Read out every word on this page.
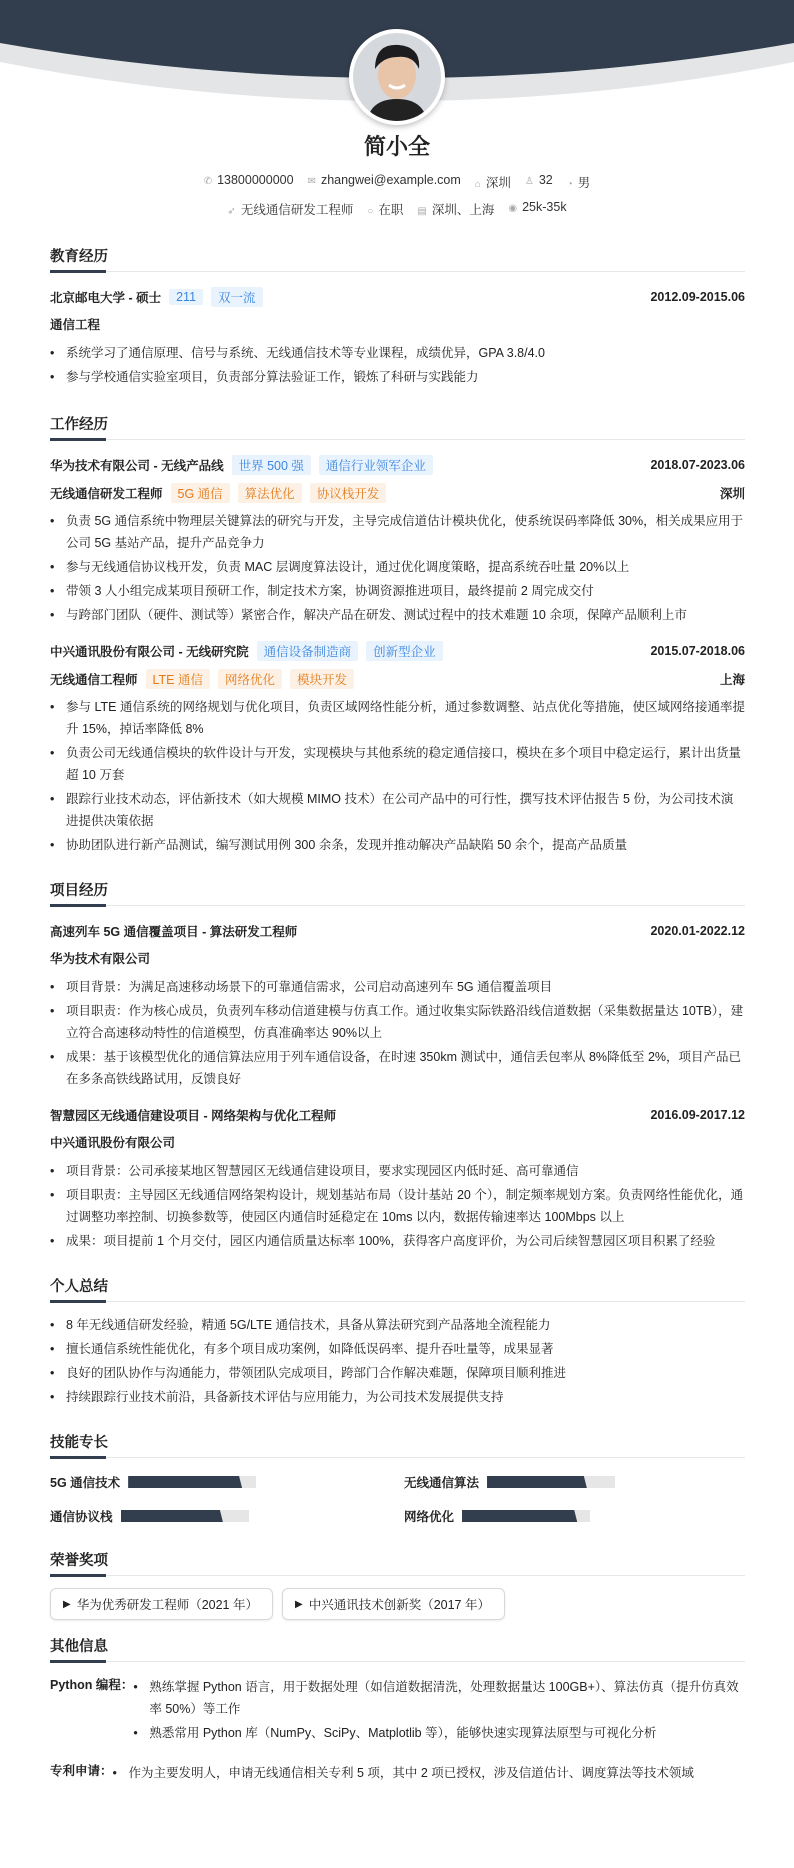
简小全
✆ 13800000000 ✉ zhangwei@example.com ⌂ 深圳 ♙ 32 ◔ 男
➶ 无线通信研发工程师 ○ 在职 ▤ 深圳、上海 ◉ 25k-35k
教育经历
北京邮电大学 - 硕士	211	双一流	2012.09-2015.06
通信工程
• 系统学习了通信原理、信号与系统、无线通信技术等专业课程，成绩优异，GPA 3.8/4.0
• 参与学校通信实验室项目，负责部分算法验证工作，锻炼了科研与实践能力
工作经历
华为技术有限公司 - 无线产品线	世界 500 强	通信行业领军企业	2018.07-2023.06
无线通信研发工程师	5G 通信	算法优化	协议栈开发	深圳
• 负责 5G 通信系统中物理层关键算法的研究与开发，主导完成信道估计模块优化，使系统误码率降低 30%，相关成果应用于公司 5G 基站产品，提升产品竞争力
• 参与无线通信协议栈开发，负责 MAC 层调度算法设计，通过优化调度策略，提高系统吞吐量 20%以上
• 带领 3 人小组完成某项目预研工作，制定技术方案，协调资源推进项目，最终提前 2 周完成交付
• 与跨部门团队（硬件、测试等）紧密合作，解决产品在研发、测试过程中的技术难题 10 余项，保障产品顺利上市
中兴通讯股份有限公司 - 无线研究院	通信设备制造商	创新型企业	2015.07-2018.06
无线通信工程师	LTE 通信	网络优化	模块开发	上海
• 参与 LTE 通信系统的网络规划与优化项目，负责区域网络性能分析，通过参数调整、站点优化等措施，使区域网络接通率提升 15%，掉话率降低 8%
• 负责公司无线通信模块的软件设计与开发，实现模块与其他系统的稳定通信接口，模块在多个项目中稳定运行，累计出货量超 10 万套
• 跟踪行业技术动态，评估新技术（如大规模 MIMO 技术）在公司产品中的可行性，撰写技术评估报告 5 份，为公司技术演进提供决策依据
• 协助团队进行新产品测试，编写测试用例 300 余条，发现并推动解决产品缺陷 50 余个，提高产品质量
项目经历
高速列车 5G 通信覆盖项目 - 算法研发工程师	2020.01-2022.12
华为技术有限公司
• 项目背景：为满足高速移动场景下的可靠通信需求，公司启动高速列车 5G 通信覆盖项目
• 项目职责：作为核心成员，负责列车移动信道建模与仿真工作。通过收集实际铁路沿线信道数据（采集数据量达 10TB），建立符合高速移动特性的信道模型，仿真准确率达 90%以上
• 成果：基于该模型优化的通信算法应用于列车通信设备，在时速 350km 测试中，通信丢包率从 8%降低至 2%，项目产品已在多条高铁线路试用，反馈良好
智慧园区无线通信建设项目 - 网络架构与优化工程师	2016.09-2017.12
中兴通讯股份有限公司
• 项目背景：公司承接某地区智慧园区无线通信建设项目，要求实现园区内低时延、高可靠通信
• 项目职责：主导园区无线通信网络架构设计，规划基站布局（设计基站 20 个），制定频率规划方案。负责网络性能优化，通过调整功率控制、切换参数等，使园区内通信时延稳定在 10ms 以内，数据传输速率达 100Mbps 以上
• 成果：项目提前 1 个月交付，园区内通信质量达标率 100%，获得客户高度评价，为公司后续智慧园区项目积累了经验
个人总结
• 8 年无线通信研发经验，精通 5G/LTE 通信技术，具备从算法研究到产品落地全流程能力
• 擅长通信系统性能优化，有多个项目成功案例，如降低误码率、提升吞吐量等，成果显著
• 良好的团队协作与沟通能力，带领团队完成项目，跨部门合作解决难题，保障项目顺利推进
• 持续跟踪行业技术前沿，具备新技术评估与应用能力，为公司技术发展提供支持
技能专长
5G 通信技术	无线通信算法
通信协议栈	网络优化
荣誉奖项
▶ 华为优秀研发工程师（2021 年）	▶ 中兴通讯技术创新奖（2017 年）
其他信息
Python 编程：	• 熟练掌握 Python 语言，用于数据处理（如信道数据清洗，处理数据量达 100GB+）、算法仿真（提升仿真效率 50%）等工作
• 熟悉常用 Python 库（NumPy、SciPy、Matplotlib 等），能够快速实现算法原型与可视化分析
专利申请：	• 作为主要发明人，申请无线通信相关专利 5 项，其中 2 项已授权，涉及信道估计、调度算法等技术领域
